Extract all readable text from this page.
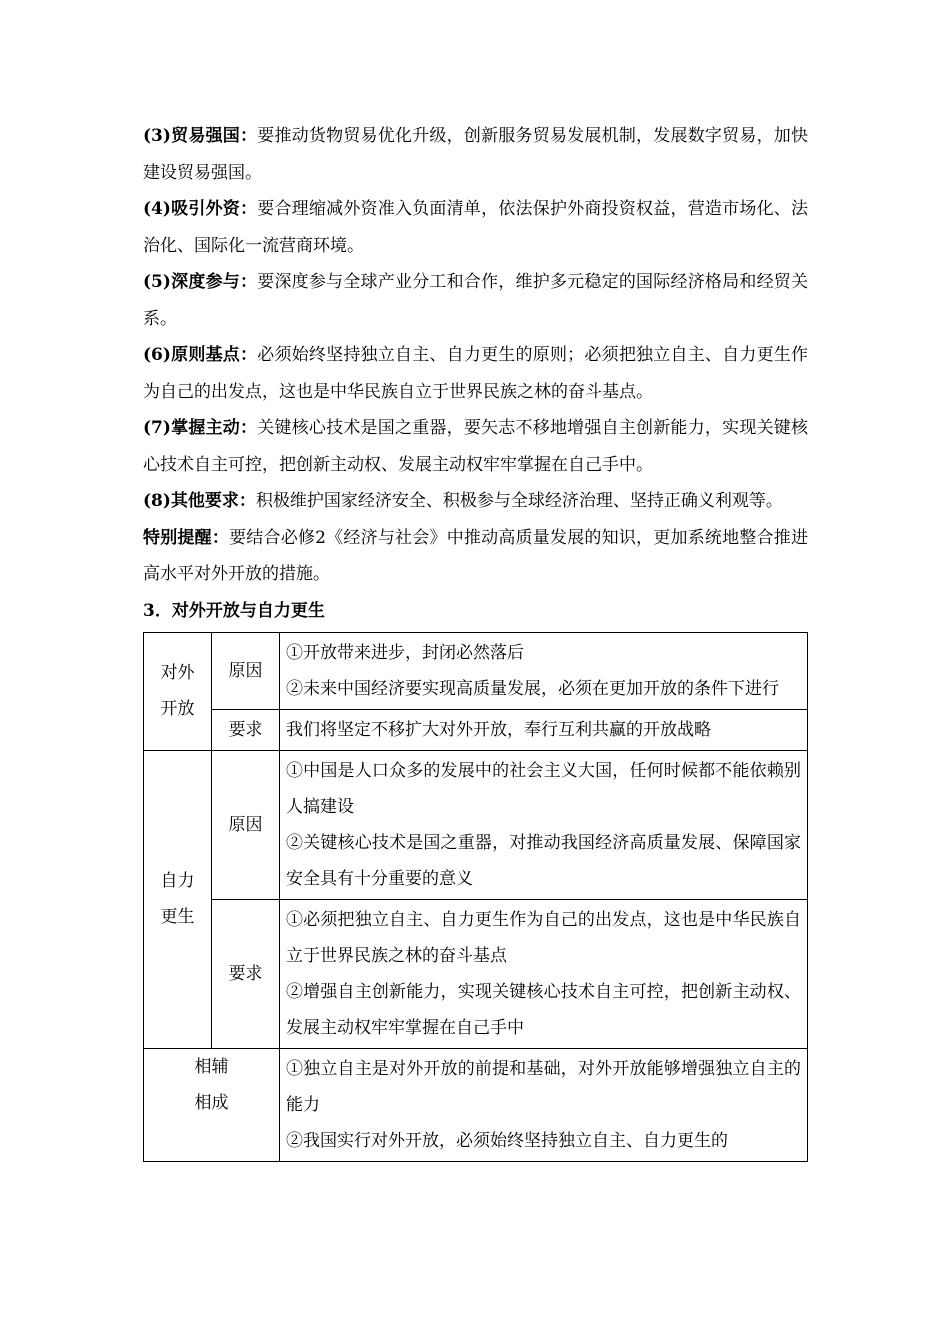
(3)贸易强国：要推动货物贸易优化升级，创新服务贸易发展机制，发展数字贸易，加快建设贸易强国。

(4)吸引外资：要合理缩减外资准入负面清单，依法保护外商投资权益，营造市场化、法治化、国际化一流营商环境。

(5)深度参与：要深度参与全球产业分工和合作，维护多元稳定的国际经济格局和经贸关系。

(6)原则基点：必须始终坚持独立自主、自力更生的原则；必须把独立自主、自力更生作为自己的出发点，这也是中华民族自立于世界民族之林的奋斗基点。

(7)掌握主动：关键核心技术是国之重器，要矢志不移地增强自主创新能力，实现关键核心技术自主可控，把创新主动权、发展主动权牢牢掌握在自己手中。

(8)其他要求：积极维护国家经济安全、积极参与全球经济治理、坚持正确义利观等。

特别提醒：要结合必修2《经济与社会》中推动高质量发展的知识，更加系统地整合推进高水平对外开放的措施。

3．对外开放与自力更生

对外
开放	原因	①开放带来进步，封闭必然落后
②未来中国经济要实现高质量发展，必须在更加开放的条件下进行

	要求	我们将坚定不移扩大对外开放，奉行互利共赢的开放战略

自力
更生	原因	①中国是人口众多的发展中的社会主义大国，任何时候都不能依赖别人搞建设
②关键核心技术是国之重器，对推动我国经济高质量发展、保障国家安全具有十分重要的意义

	要求	①必须把独立自主、自力更生作为自己的出发点，这也是中华民族自立于世界民族之林的奋斗基点
②增强自主创新能力，实现关键核心技术自主可控，把创新主动权、发展主动权牢牢掌握在自己手中

相辅
相成		①独立自主是对外开放的前提和基础，对外开放能够增强独立自主的能力
②我国实行对外开放，必须始终坚持独立自主、自力更生的
